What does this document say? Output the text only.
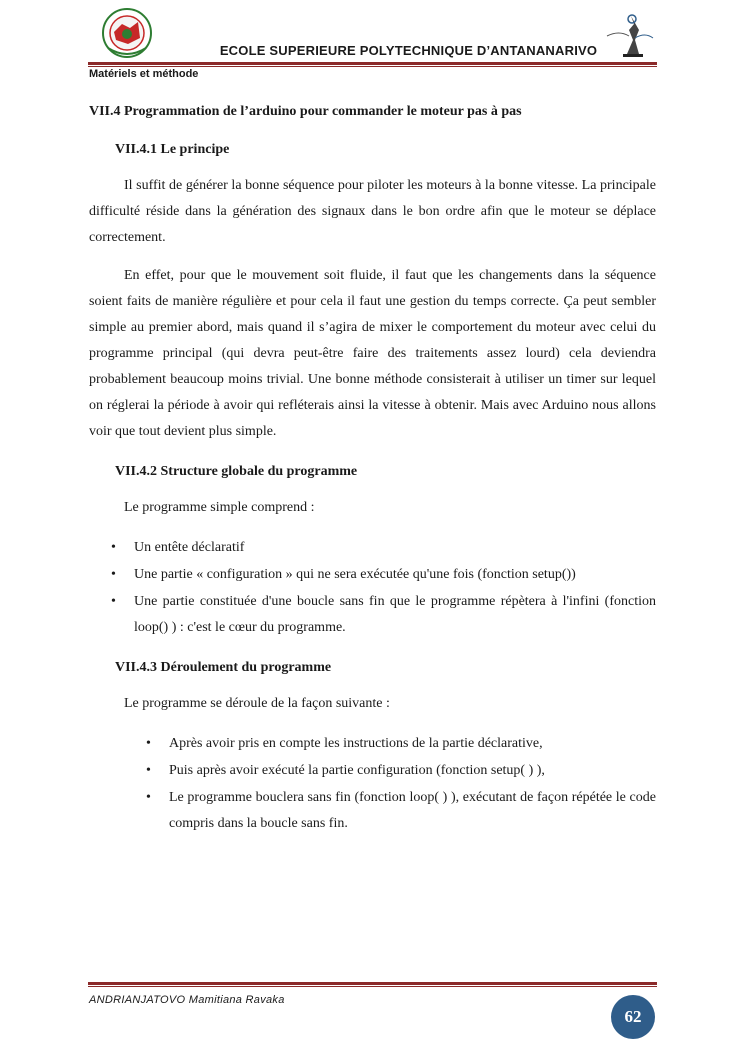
ECOLE SUPERIEURE POLYTECHNIQUE D’ANTANANARIVO
Matériels et méthode
VII.4 Programmation de l’arduino pour commander le moteur pas à pas
VII.4.1 Le principe

Il suffit de générer la bonne séquence pour piloter les moteurs à la bonne vitesse. La principale difficulté réside dans la génération des signaux dans le bon ordre afin que le moteur se déplace correctement.

En effet, pour que le mouvement soit fluide, il faut que les changements dans la séquence soient faits de manière régulière et pour cela il faut une gestion du temps correcte. Ça peut sembler simple au premier abord, mais quand il s’agira de mixer le comportement du moteur avec celui du programme principal (qui devra peut-être faire des traitements assez lourd) cela deviendra probablement beaucoup moins trivial. Une bonne méthode consisterait à utiliser un timer sur lequel on réglerai la période à avoir qui refléterais ainsi la vitesse à obtenir. Mais avec Arduino nous allons voir que tout devient plus simple.

VII.4.2 Structure globale du programme

Le programme simple comprend :

• Un entête déclaratif
• Une partie « configuration » qui ne sera exécutée qu'une fois (fonction setup())
• Une partie constituée d'une boucle sans fin que le programme répètera à l'infini (fonction loop() ) : c'est le cœur du programme.
VII.4.3 Déroulement du programme

Le programme se déroule de la façon suivante :

• Après avoir pris en compte les instructions de la partie déclarative,
• Puis après avoir exécuté la partie configuration (fonction setup( ) ),
• Le programme bouclera sans fin (fonction loop( ) ), exécutant de façon répétée le code compris dans la boucle sans fin.
ANDRIANJATOVO Mamitiana Ravaka
62
